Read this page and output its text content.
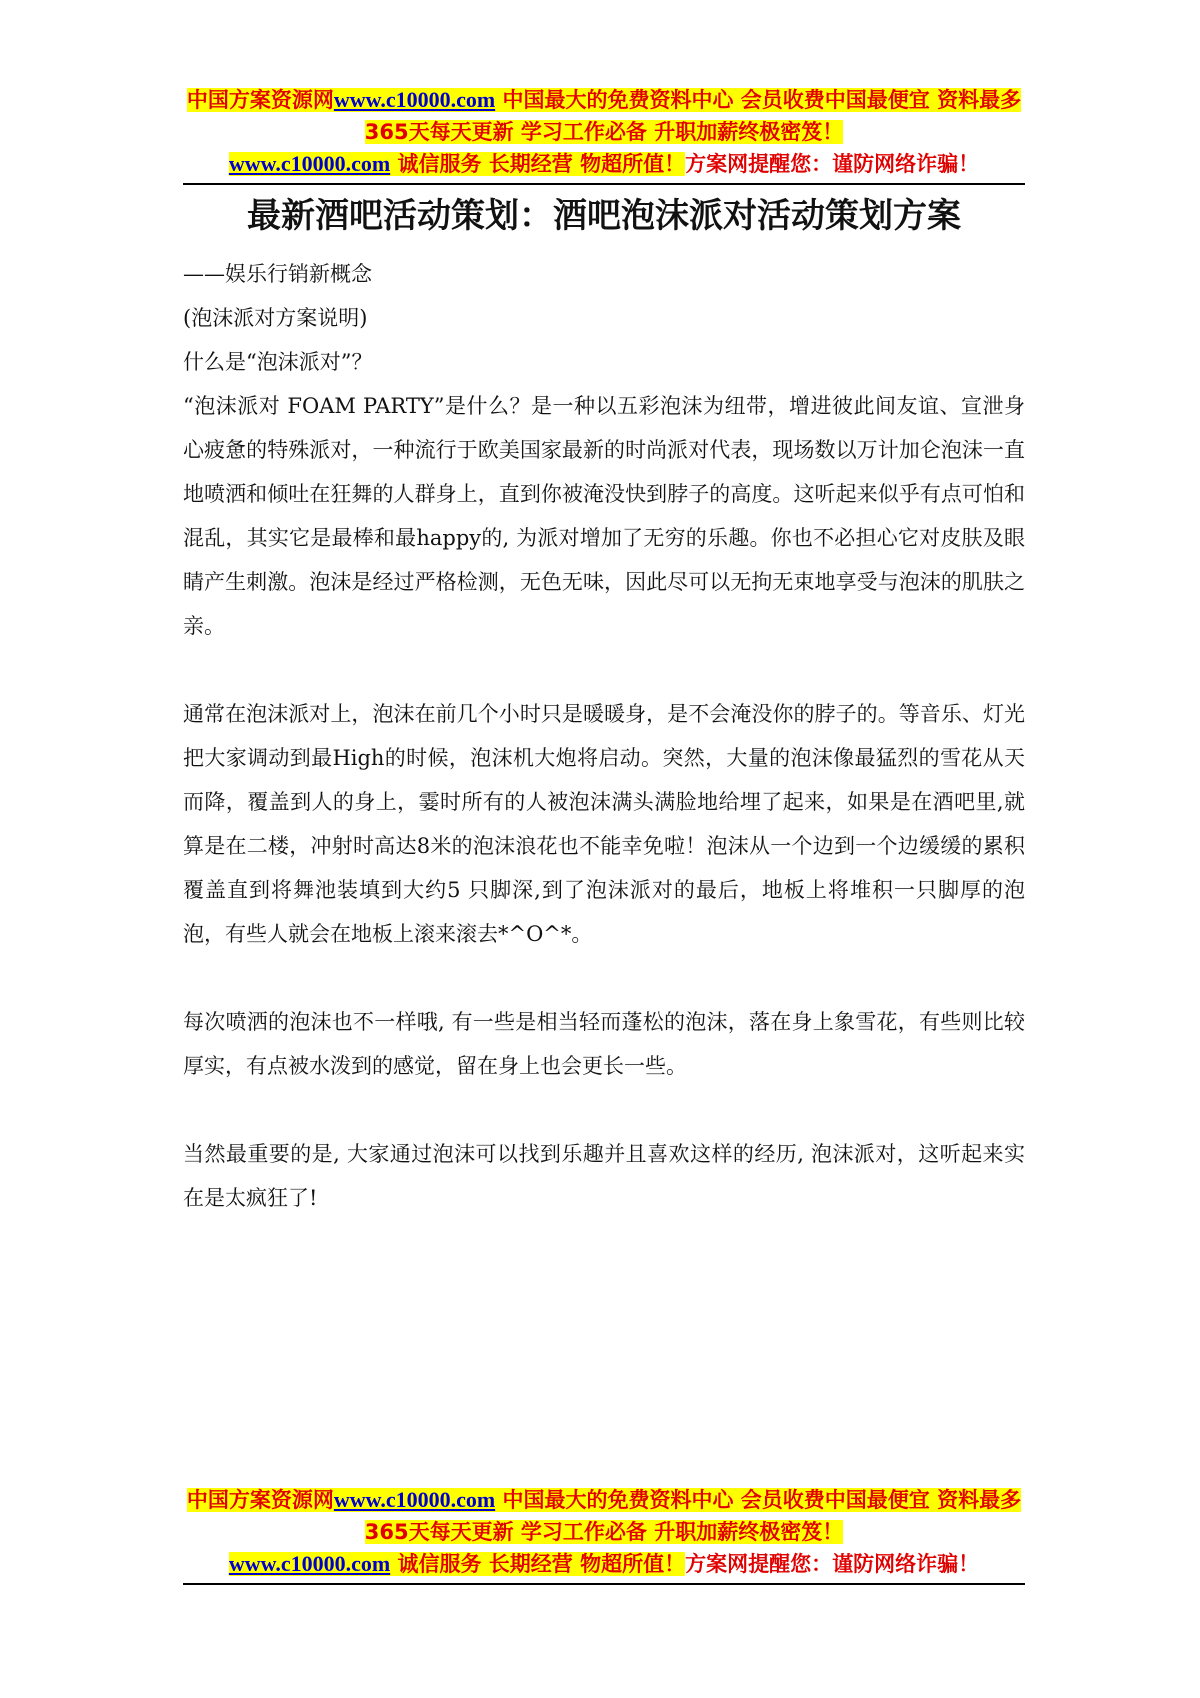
中国方案资源网www.c10000.com 中国最大的免费资料中心 会员收费中国最便宜 资料最多 365天每天更新 学习工作必备 升职加薪终极密笈！
www.c10000.com 诚信服务 长期经营 物超所值！方案网提醒您：谨防网络诈骗！
最新酒吧活动策划：酒吧泡沫派对活动策划方案

——娱乐行销新概念

(泡沫派对方案说明)

什么是“泡沫派对”？

“泡沫派对 FOAM PARTY”是什么？是一种以五彩泡沫为纽带，增进彼此间友谊、宣泄身心疲惫的特殊派对，一种流行于欧美国家最新的时尚派对代表，现场数以万计加仑泡沫一直地喷洒和倾吐在狂舞的人群身上，直到你被淹没快到脖子的高度。这听起来似乎有点可怕和混乱，其实它是最棒和最happy的, 为派对增加了无穷的乐趣。你也不必担心它对皮肤及眼睛产生刺激。泡沫是经过严格检测，无色无味，因此尽可以无拘无束地享受与泡沫的肌肤之亲。

通常在泡沫派对上，泡沫在前几个小时只是暖暖身，是不会淹没你的脖子的。等音乐、灯光把大家调动到最High的时候，泡沫机大炮将启动。突然，大量的泡沫像最猛烈的雪花从天而降，覆盖到人的身上，霎时所有的人被泡沫满头满脸地给埋了起来，如果是在酒吧里,就算是在二楼，冲射时高达8米的泡沫浪花也不能幸免啦！泡沫从一个边到一个边缓缓的累积覆盖直到将舞池装填到大约5 只脚深,到了泡沫派对的最后，地板上将堆积一只脚厚的泡泡，有些人就会在地板上滚来滚去*^O^*。

每次喷洒的泡沫也不一样哦, 有一些是相当轻而蓬松的泡沫，落在身上象雪花，有些则比较厚实，有点被水泼到的感觉，留在身上也会更长一些。

当然最重要的是, 大家通过泡沫可以找到乐趣并且喜欢这样的经历, 泡沫派对，这听起来实在是太疯狂了!

中国方案资源网www.c10000.com 中国最大的免费资料中心 会员收费中国最便宜 资料最多 365天每天更新 学习工作必备 升职加薪终极密笈！
www.c10000.com 诚信服务 长期经营 物超所值！方案网提醒您：谨防网络诈骗！
